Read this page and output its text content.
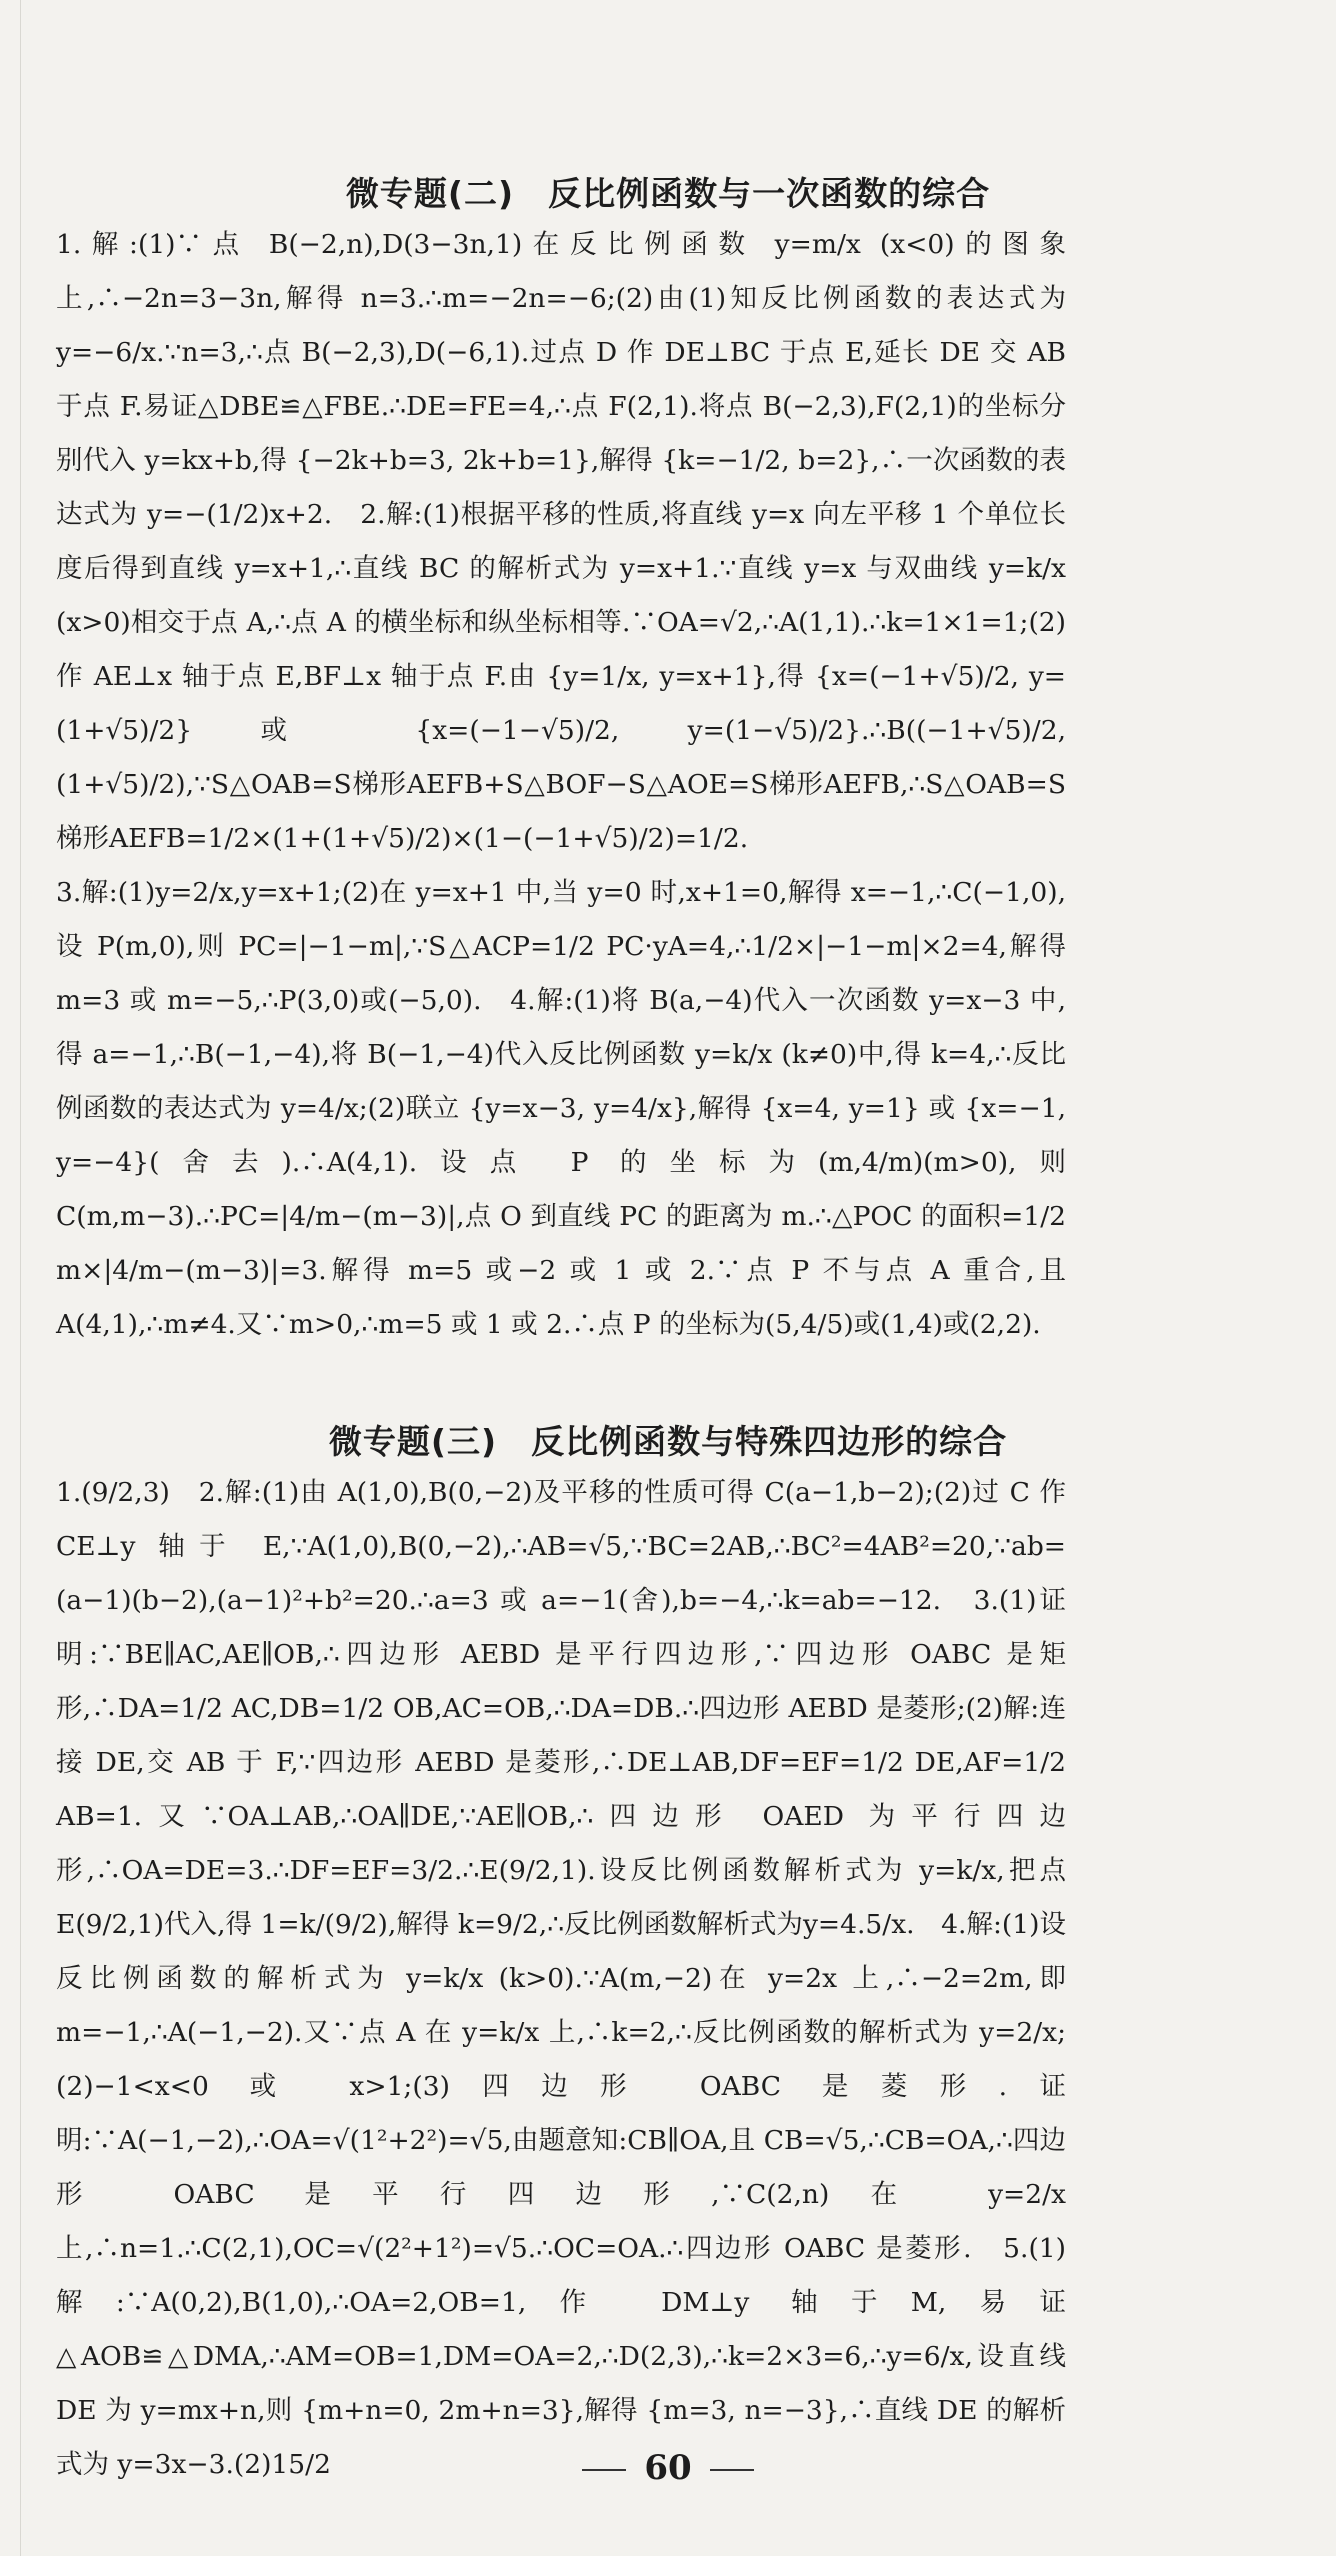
微专题(二)　反比例函数与一次函数的综合

1.解:(1)∵点 B(−2,n),D(3−3n,1)在反比例函数 y=m/x (x<0)的图象上,∴−2n=3−3n,解得 n=3.∴m=−2n=−6;(2)由(1)知反比例函数的表达式为 y=−6/x.∵n=3,∴点 B(−2,3),D(−6,1).过点 D 作 DE⊥BC 于点 E,延长 DE 交 AB 于点 F.易证△DBE≌△FBE.∴DE=FE=4,∴点 F(2,1).将点 B(−2,3),F(2,1)的坐标分别代入 y=kx+b,得 {−2k+b=3, 2k+b=1},解得 {k=−1/2, b=2},∴一次函数的表达式为 y=−(1/2)x+2.　2.解:(1)根据平移的性质,将直线 y=x 向左平移 1 个单位长度后得到直线 y=x+1,∴直线 BC 的解析式为 y=x+1.∵直线 y=x 与双曲线 y=k/x (x>0)相交于点 A,∴点 A 的横坐标和纵坐标相等.∵OA=√2,∴A(1,1).∴k=1×1=1;(2)作 AE⊥x 轴于点 E,BF⊥x 轴于点 F.由 {y=1/x, y=x+1},得 {x=(−1+√5)/2, y=(1+√5)/2} 或 {x=(−1−√5)/2, y=(1−√5)/2}.∴B((−1+√5)/2,(1+√5)/2),∵S△OAB=S梯形AEFB+S△BOF−S△AOE=S梯形AEFB,∴S△OAB=S梯形AEFB=1/2×(1+(1+√5)/2)×(1−(−1+√5)/2)=1/2.

3.解:(1)y=2/x,y=x+1;(2)在 y=x+1 中,当 y=0 时,x+1=0,解得 x=−1,∴C(−1,0),设 P(m,0),则 PC=|−1−m|,∵S△ACP=1/2 PC·yA=4,∴1/2×|−1−m|×2=4,解得 m=3 或 m=−5,∴P(3,0)或(−5,0).　4.解:(1)将 B(a,−4)代入一次函数 y=x−3 中,得 a=−1,∴B(−1,−4),将 B(−1,−4)代入反比例函数 y=k/x (k≠0)中,得 k=4,∴反比例函数的表达式为 y=4/x;(2)联立 {y=x−3, y=4/x},解得 {x=4, y=1} 或 {x=−1, y=−4}(舍去).∴A(4,1).设点 P 的坐标为(m,4/m)(m>0),则 C(m,m−3).∴PC=|4/m−(m−3)|,点 O 到直线 PC 的距离为 m.∴△POC 的面积=1/2 m×|4/m−(m−3)|=3.解得 m=5 或−2 或 1 或 2.∵点 P 不与点 A 重合,且 A(4,1),∴m≠4.又∵m>0,∴m=5 或 1 或 2.∴点 P 的坐标为(5,4/5)或(1,4)或(2,2).

微专题(三)　反比例函数与特殊四边形的综合

1.(9/2,3)　2.解:(1)由 A(1,0),B(0,−2)及平移的性质可得 C(a−1,b−2);(2)过 C 作 CE⊥y 轴于 E,∵A(1,0),B(0,−2),∴AB=√5,∵BC=2AB,∴BC²=4AB²=20,∵ab=(a−1)(b−2),(a−1)²+b²=20.∴a=3 或 a=−1(舍),b=−4,∴k=ab=−12.　3.(1)证明:∵BE∥AC,AE∥OB,∴四边形 AEBD 是平行四边形,∵四边形 OABC 是矩形,∴DA=1/2 AC,DB=1/2 OB,AC=OB,∴DA=DB.∴四边形 AEBD 是菱形;(2)解:连接 DE,交 AB 于 F,∵四边形 AEBD 是菱形,∴DE⊥AB,DF=EF=1/2 DE,AF=1/2 AB=1.又∵OA⊥AB,∴OA∥DE,∵AE∥OB,∴四边形 OAED 为平行四边形,∴OA=DE=3.∴DF=EF=3/2.∴E(9/2,1).设反比例函数解析式为 y=k/x,把点 E(9/2,1)代入,得 1=k/(9/2),解得 k=9/2,∴反比例函数解析式为y=4.5/x.　4.解:(1)设反比例函数的解析式为 y=k/x (k>0).∵A(m,−2)在 y=2x 上,∴−2=2m,即m=−1,∴A(−1,−2).又∵点 A 在 y=k/x 上,∴k=2,∴反比例函数的解析式为 y=2/x;(2)−1<x<0 或 x>1;(3)四边形 OABC 是菱形.证明:∵A(−1,−2),∴OA=√(1²+2²)=√5,由题意知:CB∥OA,且 CB=√5,∴CB=OA,∴四边形 OABC 是平行四边形,∵C(2,n)在 y=2/x 上,∴n=1.∴C(2,1),OC=√(2²+1²)=√5.∴OC=OA.∴四边形 OABC 是菱形.　5.(1)解:∵A(0,2),B(1,0),∴OA=2,OB=1,作 DM⊥y 轴于M,易证△AOB≌△DMA,∴AM=OB=1,DM=OA=2,∴D(2,3),∴k=2×3=6,∴y=6/x,设直线 DE 为 y=mx+n,则 {m+n=0, 2m+n=3},解得 {m=3, n=−3},∴直线 DE 的解析式为 y=3x−3.(2)15/2	60
